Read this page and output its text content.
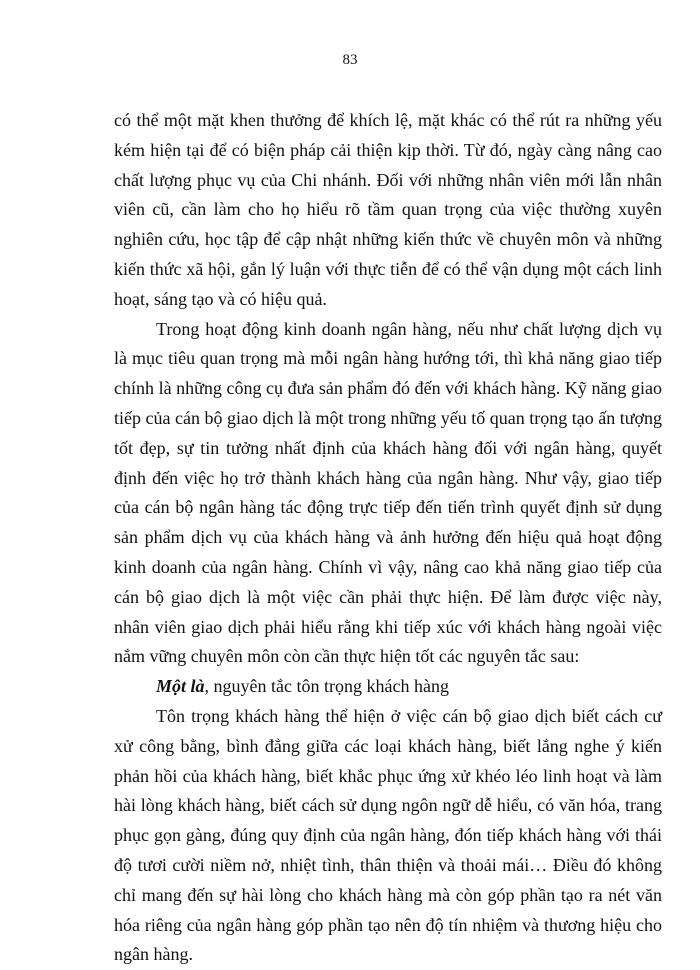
83

có thể một mặt khen thưởng để khích lệ, mặt khác có thể rút ra những yếu kém hiện tại để có biện pháp cải thiện kịp thời. Từ đó, ngày càng nâng cao chất lượng phục vụ của Chi nhánh. Đối với những nhân viên mới lẫn nhân viên cũ, cần làm cho họ hiểu rõ tầm quan trọng của việc thường xuyên nghiên cứu, học tập để cập nhật những kiến thức về chuyên môn và những kiến thức xã hội, gắn lý luận với thực tiễn để có thể vận dụng một cách linh hoạt, sáng tạo và có hiệu quả.

Trong hoạt động kinh doanh ngân hàng, nếu như chất lượng dịch vụ là mục tiêu quan trọng mà mỗi ngân hàng hướng tới, thì khả năng giao tiếp chính là những công cụ đưa sản phẩm đó đến với khách hàng. Kỹ năng giao tiếp của cán bộ giao dịch là một trong những yếu tố quan trọng tạo ấn tượng tốt đẹp, sự tin tưởng nhất định của khách hàng đối với ngân hàng, quyết định đến việc họ trở thành khách hàng của ngân hàng. Như vậy, giao tiếp của cán bộ ngân hàng tác động trực tiếp đến tiến trình quyết định sử dụng sản phẩm dịch vụ của khách hàng và ảnh hưởng đến hiệu quả hoạt động kinh doanh của ngân hàng. Chính vì vậy, nâng cao khả năng giao tiếp của cán bộ giao dịch là một việc cần phải thực hiện. Để làm được việc này, nhân viên giao dịch phải hiểu rằng khi tiếp xúc với khách hàng ngoài việc nắm vững chuyên môn còn cần thực hiện tốt các nguyên tắc sau:

Một là, nguyên tắc tôn trọng khách hàng

Tôn trọng khách hàng thể hiện ở việc cán bộ giao dịch biết cách cư xử công bằng, bình đẳng giữa các loại khách hàng, biết lắng nghe ý kiến phản hồi của khách hàng, biết khắc phục ứng xử khéo léo linh hoạt và làm hài lòng khách hàng, biết cách sử dụng ngôn ngữ dễ hiểu, có văn hóa, trang phục gọn gàng, đúng quy định của ngân hàng, đón tiếp khách hàng với thái độ tươi cười niềm nở, nhiệt tình, thân thiện và thoải mái… Điều đó không chỉ mang đến sự hài lòng cho khách hàng mà còn góp phần tạo ra nét văn hóa riêng của ngân hàng góp phần tạo nên độ tín nhiệm và thương hiệu cho ngân hàng.
